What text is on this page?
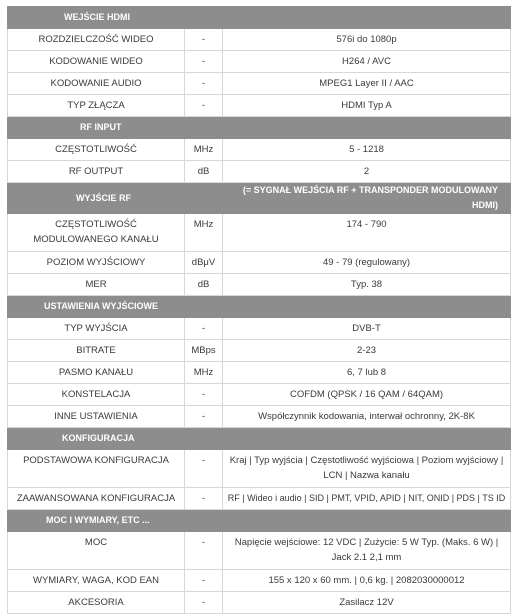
WEJŚCIE HDMI		
ROZDZIELCZOŚĆ WIDEO	-	576i do 1080p
KODOWANIE WIDEO	-	H264 / AVC
KODOWANIE AUDIO	-	MPEG1 Layer II / AAC
TYP ZŁĄCZA	-	HDMI Typ A
RF INPUT		
CZĘSTOTLIWOŚĆ	MHz	5 - 1218
RF OUTPUT	dB	2
WYJŚCIE RF		(= SYGNAŁ WEJŚCIA RF + TRANSPONDER MODULOWANY HDMI)
CZĘSTOTLIWOŚĆ MODULOWANEGO KANAŁU	MHz	174 - 790
POZIOM WYJŚCIOWY	dBμV	49 - 79 (regulowany)
MER	dB	Typ. 38
USTAWIENIA WYJŚCIOWE		
TYP WYJŚCIA	-	DVB-T
BITRATE	MBps	2-23
PASMO KANAŁU	MHz	6, 7 lub 8
KONSTELACJA	-	COFDM (QPSK / 16 QAM / 64QAM)
INNE USTAWIENIA	-	Współczynnik kodowania, interwał ochronny, 2K-8K
KONFIGURACJA		
PODSTAWOWA KONFIGURACJA	-	Kraj | Typ wyjścia | Częstotliwość wyjściowa | Poziom wyjściowy | LCN | Nazwa kanału
ZAAWANSOWANA KONFIGURACJA	-	RF | Wideo i audio | SID | PMT, VPID, APID | NIT, ONID | PDS | TS ID
MOC I WYMIARY, ETC ...		
MOC	-	Napięcie wejściowe: 12 VDC | Zużycie: 5 W Typ. (Maks. 6 W) | Jack 2.1 2,1 mm
WYMIARY, WAGA, KOD EAN	-	155 x 120 x 60 mm. | 0,6 kg. | 2082030000012
AKCESORIA	-	Zasilacz 12V
